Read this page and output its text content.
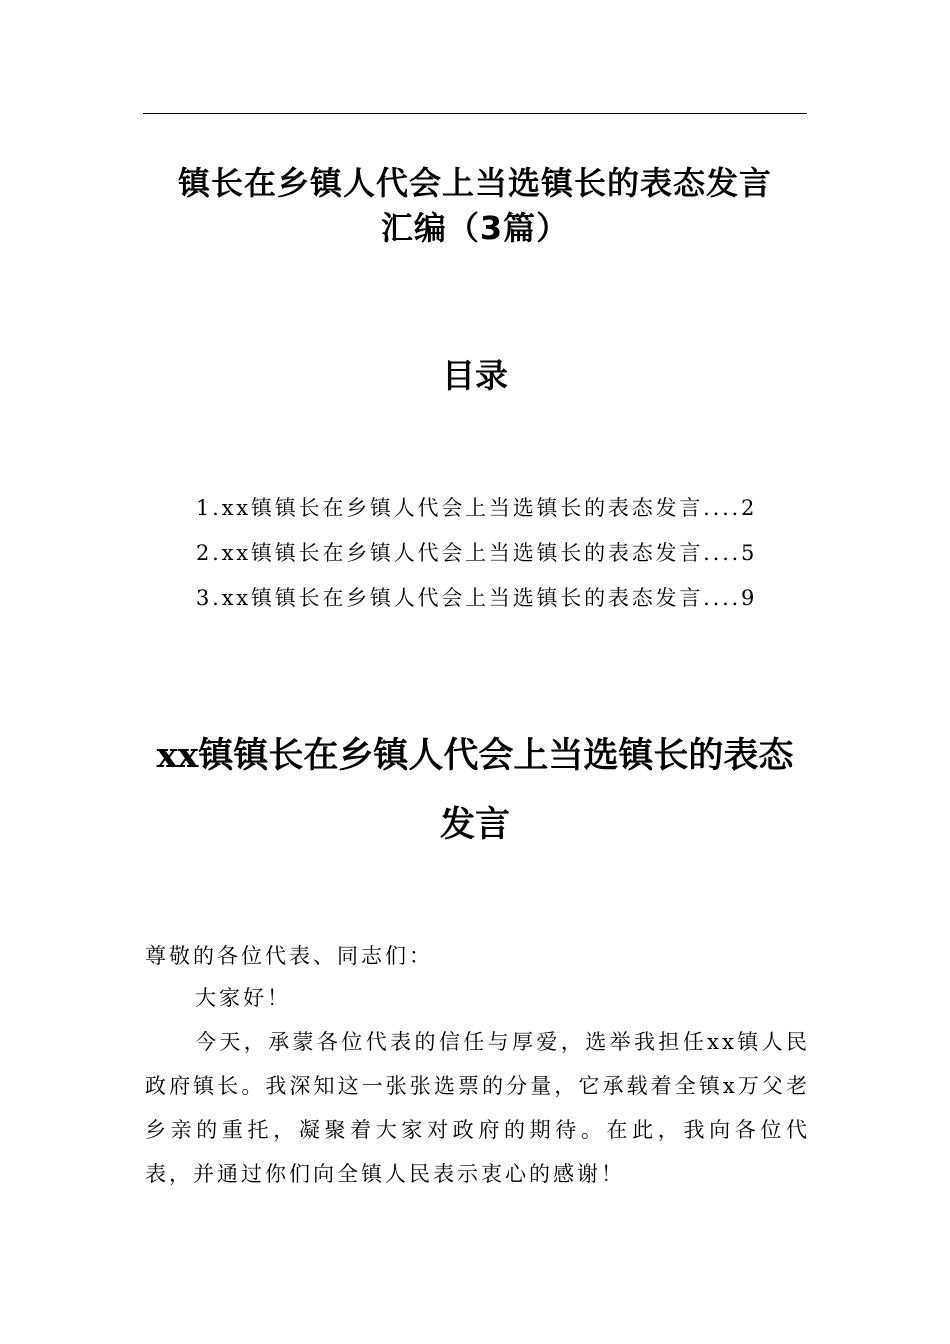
镇长在乡镇人代会上当选镇长的表态发言
汇编（3篇）
目录
1.xx镇镇长在乡镇人代会上当选镇长的表态发言....2
2.xx镇镇长在乡镇人代会上当选镇长的表态发言....5
3.xx镇镇长在乡镇人代会上当选镇长的表态发言....9
xx镇镇长在乡镇人代会上当选镇长的表态
发言

尊敬的各位代表、同志们：

大家好！

今天，承蒙各位代表的信任与厚爱，选举我担任xx镇人民政府镇长。我深知这一张张选票的分量，它承载着全镇x万父老乡亲的重托，凝聚着大家对政府的期待。在此，我向各位代表，并通过你们向全镇人民表示衷心的感谢！
